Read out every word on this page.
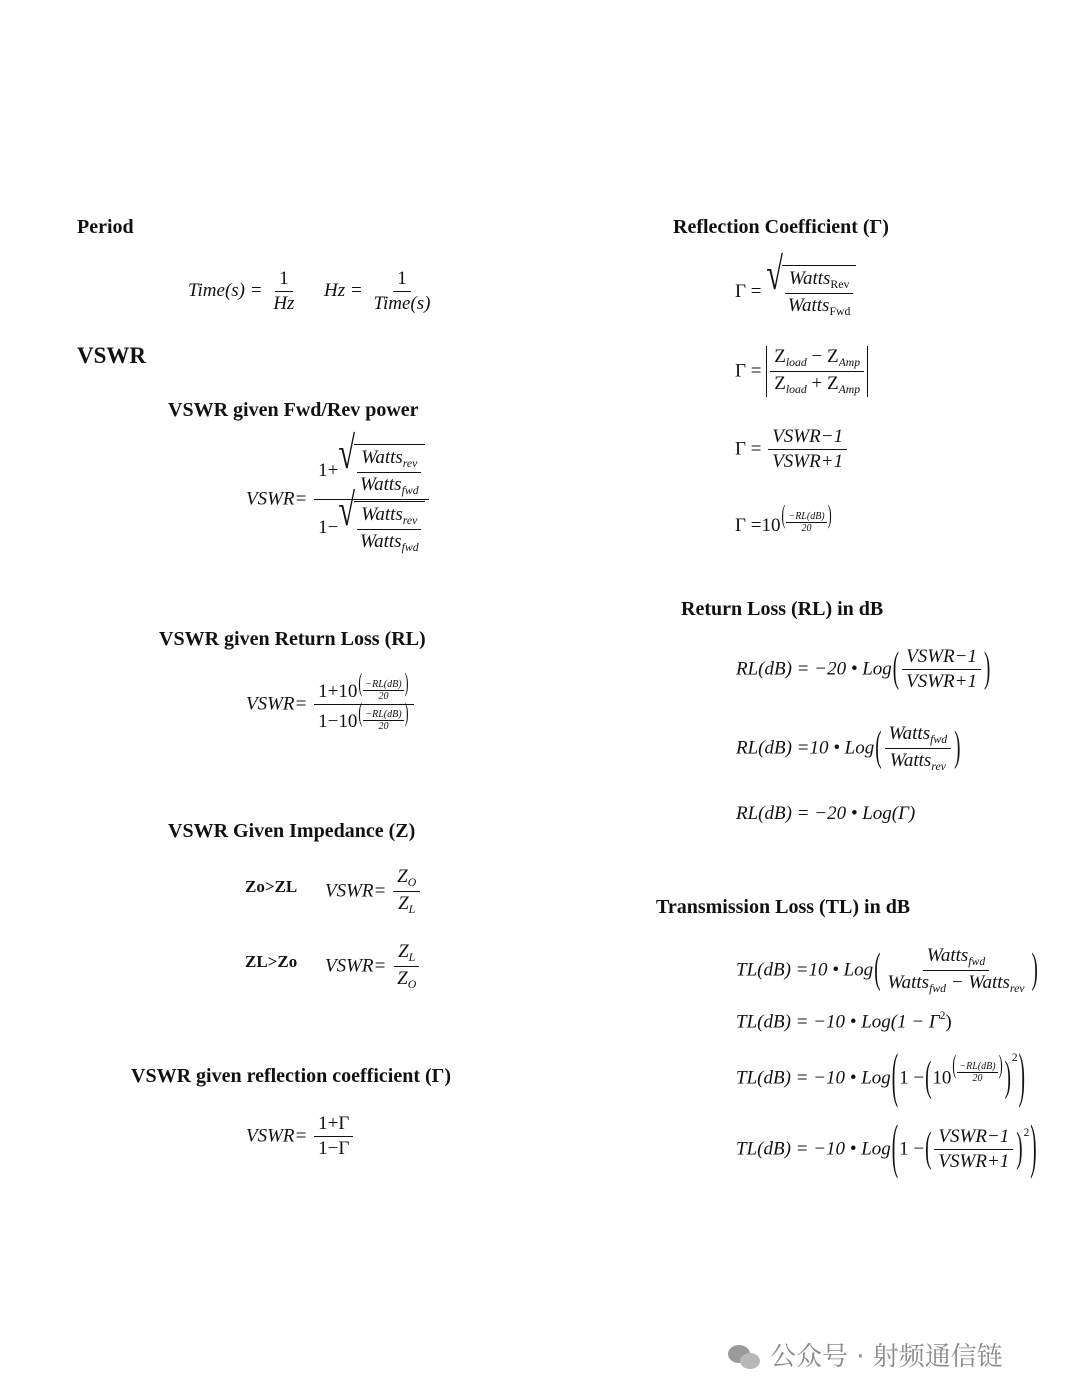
Period
Time(s) = $\frac{1}{Hz}$ $Hz = \frac{1}{\text{Time(s)}}$
VSWR
VSWR given Fwd/Rev power
VSWR=
1+ √ $\frac{Watts_{rev}}{Watts_{fwd}}$
1− √ $\frac{Watts_{rev}}{Watts_{fwd}}$
VSWR given Return Loss (RL)
VSWR= $\frac{1+10( \frac{-RL(dB)}{20} )}{1-10( \frac{-RL(dB)}{20} )}$
VSWR Given Impedance (Z)
Zo>ZL VSWR= $\frac{Z_O}{Z_L}$
ZL>Zo VSWR= $\frac{Z_L}{Z_O}$
VSWR given reflection coefficient (Γ)
VSWR= $\frac{1+\Gamma}{1-\Gamma}$
Reflection Coefficient (Γ)
Γ = √ $\frac{Watts_{Rev}}{Watts_{Fwd}}$
$\Gamma = \frac{Z_{load} - Z_{Amp}}{Z_{load} + Z_{Amp}}$
$\Gamma = \frac{\text{VSWR−1}}{\text{VSWR+1}}$
$\Gamma =10( \frac{-RL(dB)}{20}$ )
Return Loss (RL) in dB
RL(dB) = −20 • $Log( \frac{\text{VSWR−1}}{\text{VSWR+1}}$ )
RL(dB) =10 • $Log( \frac{Watts_{fwd}}{Watts_{rev}}$ )
RL(dB) = −20 • Log(Γ)
Transmission Loss (TL) in dB
TL(dB) =10 • $Log( \frac{Watts_{fwd}}{Watts_{fwd} - Watts_{rev}}$ )
TL(dB) = −10 • $Log(1 - \Gamma^2)$
TL(dB) = −10 • $Log(1 -(10( \frac{-RL(dB)}{20}$ ) )$^2$)
TL(dB) = −10 • Log(1 −( $\frac{\text{VSWR−1}}{\text{VSWR+1}} )^2$)
公众号 · 射频通信链
